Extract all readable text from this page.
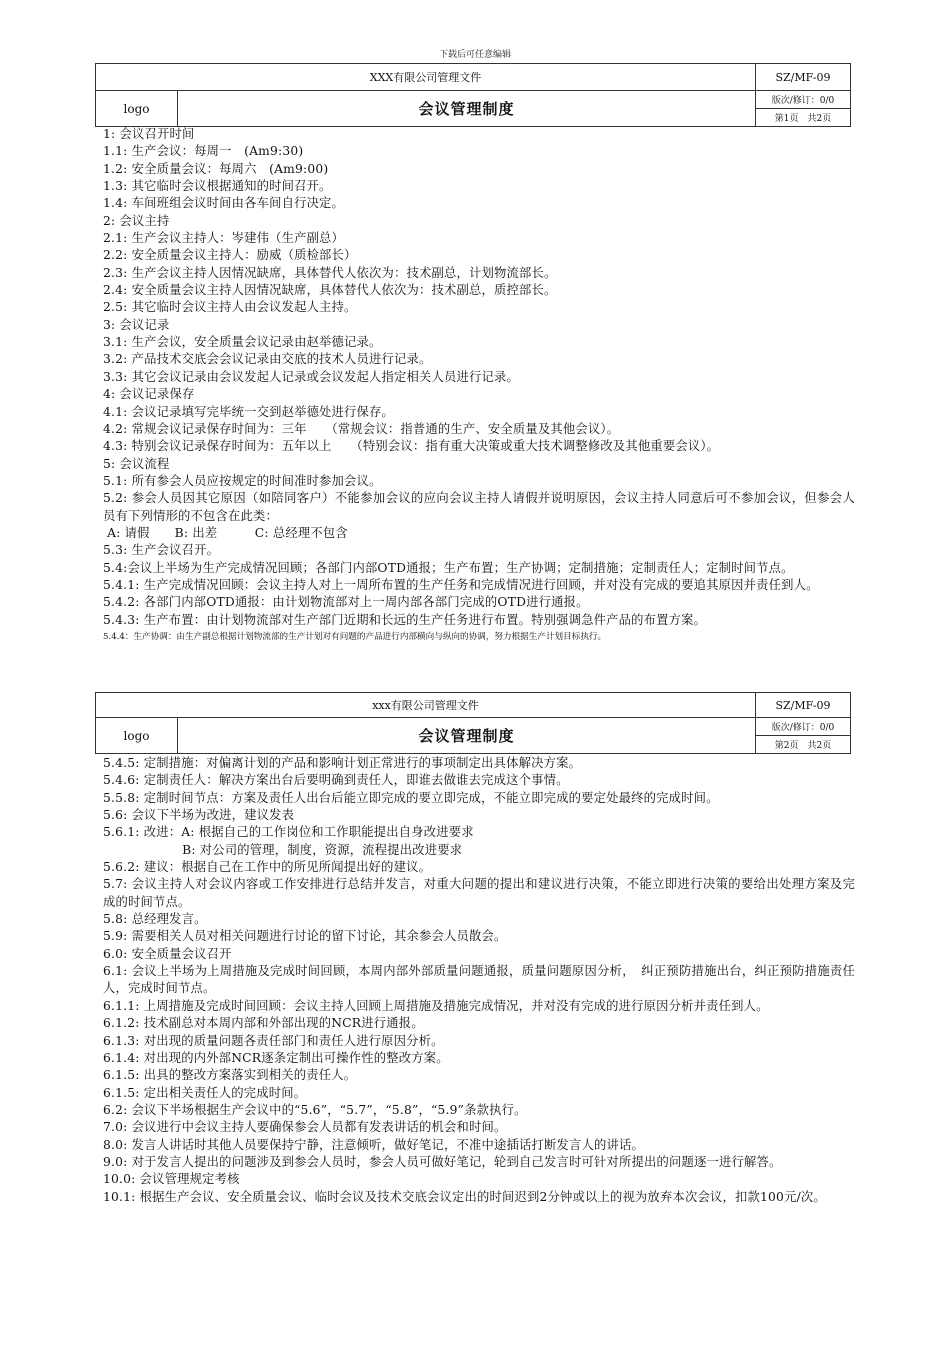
下载后可任意编辑
XXX有限公司管理文件		SZ/MF-09
logo	会议管理制度	版次/修订：0/0
		第1页　共2页

1: 会议召开时间

1.1: 生产会议：每周一　(Am9:30)

1.2: 安全质量会议：每周六　(Am9:00)

1.3: 其它临时会议根据通知的时间召开。

1.4: 车间班组会议时间由各车间自行决定。

2: 会议主持

2.1: 生产会议主持人：岑建伟（生产副总）

2.2: 安全质量会议主持人：励威（质检部长）

2.3: 生产会议主持人因情况缺席，具体替代人依次为：技术副总，计划物流部长。

2.4: 安全质量会议主持人因情况缺席，具体替代人依次为：技术副总，质控部长。

2.5: 其它临时会议主持人由会议发起人主持。

3: 会议记录

3.1: 生产会议，安全质量会议记录由赵举德记录。

3.2: 产品技术交底会会议记录由交底的技术人员进行记录。

3.3: 其它会议记录由会议发起人记录或会议发起人指定相关人员进行记录。

4: 会议记录保存

4.1: 会议记录填写完毕统一交到赵举德处进行保存。

4.2: 常规会议记录保存时间为：三年　　（常规会议：指普通的生产、安全质量及其他会议）。

4.3: 特别会议记录保存时间为：五年以上　　（特别会议：指有重大决策或重大技术调整修改及其他重要会议）。

5: 会议流程

5.1: 所有参会人员应按规定的时间准时参加会议。

5.2: 参会人员因其它原因（如陪同客户）不能参加会议的应向会议主持人请假并说明原因，会议主持人同意后可不参加会议，但参会人员有下列情形的不包含在此类：

A: 请假　　B: 出差　　　C: 总经理不包含

5.3: 生产会议召开。

5.4:会议上半场为生产完成情况回顾；各部门内部OTD通报；生产布置；生产协调；定制措施；定制责任人；定制时间节点。

5.4.1: 生产完成情况回顾：会议主持人对上一周所布置的生产任务和完成情况进行回顾，并对没有完成的要追其原因并责任到人。

5.4.2: 各部门内部OTD通报：由计划物流部对上一周内部各部门完成的OTD进行通报。

5.4.3: 生产布置：由计划物流部对生产部门近期和长远的生产任务进行布置。特别强调急件产品的布置方案。

5.4.4：生产协调：由生产副总根据计划物流部的生产计划对有问题的产品进行内部横向与纵向的协调，努力根据生产计划目标执行。

xxx有限公司管理文件		SZ/MF-09
logo	会议管理制度	版次/修订：0/0
		第2页　共2页

5.4.5: 定制措施：对偏离计划的产品和影响计划正常进行的事项制定出具体解决方案。

5.4.6: 定制责任人：解决方案出台后要明确到责任人，即谁去做谁去完成这个事情。

5.5.8: 定制时间节点：方案及责任人出台后能立即完成的要立即完成，不能立即完成的要定处最终的完成时间。

5.6: 会议下半场为改进，建议发表

5.6.1: 改进：A: 根据自己的工作岗位和工作职能提出自身改进要求

　　　　　　 B: 对公司的管理，制度，资源，流程提出改进要求

5.6.2: 建议：根据自己在工作中的所见所闻提出好的建议。

5.7: 会议主持人对会议内容或工作安排进行总结并发言，对重大问题的提出和建议进行决策，不能立即进行决策的要给出处理方案及完成的时间节点。

5.8: 总经理发言。

5.9: 需要相关人员对相关问题进行讨论的留下讨论，其余参会人员散会。

6.0: 安全质量会议召开

6.1: 会议上半场为上周措施及完成时间回顾，本周内部外部质量问题通报，质量问题原因分析，　纠正预防措施出台，纠正预防措施责任人，完成时间节点。

6.1.1: 上周措施及完成时间回顾：会议主持人回顾上周措施及措施完成情况，并对没有完成的进行原因分析并责任到人。

6.1.2: 技术副总对本周内部和外部出现的NCR进行通报。

6.1.3: 对出现的质量问题各责任部门和责任人进行原因分析。

6.1.4: 对出现的内外部NCR逐条定制出可操作性的整改方案。

6.1.5: 出具的整改方案落实到相关的责任人。

6.1.5: 定出相关责任人的完成时间。

6.2: 会议下半场根据生产会议中的“5.6”，“5.7”，“5.8”，“5.9”条款执行。

7.0: 会议进行中会议主持人要确保参会人员都有发表讲话的机会和时间。

8.0: 发言人讲话时其他人员要保持宁静，注意倾听，做好笔记，不准中途插话打断发言人的讲话。

9.0: 对于发言人提出的问题涉及到参会人员时，参会人员可做好笔记，轮到自己发言时可针对所提出的问题逐一进行解答。

10.0: 会议管理规定考核

10.1: 根据生产会议、安全质量会议、临时会议及技术交底会议定出的时间迟到2分钟或以上的视为放弃本次会议，扣款100元/次。
